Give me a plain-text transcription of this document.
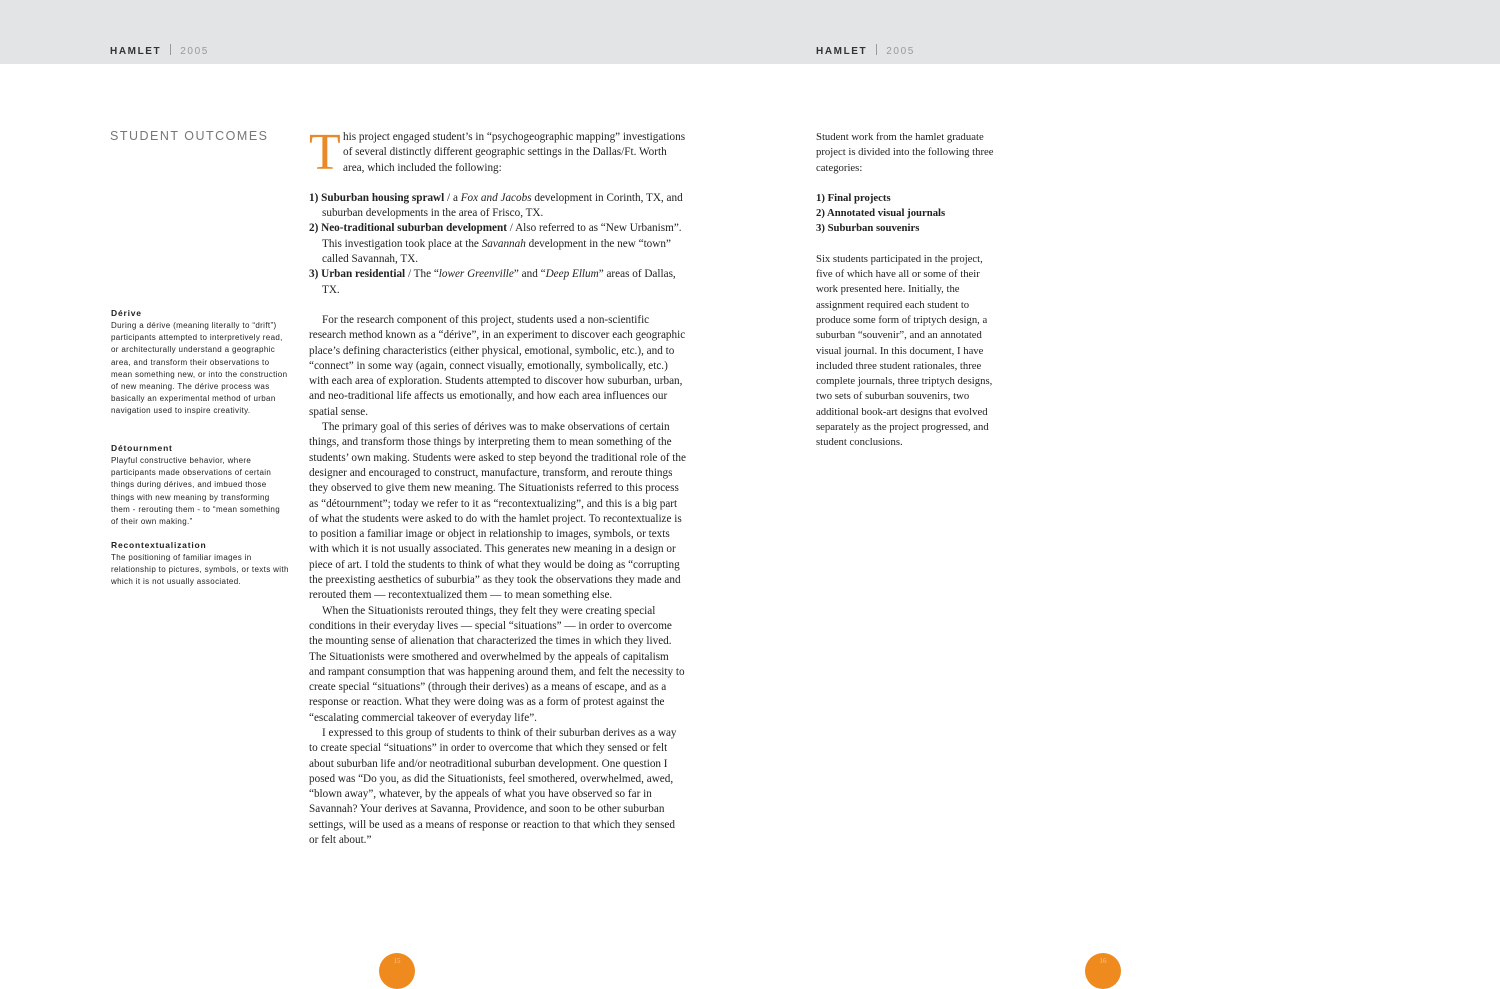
HAMLET 2005	HAMLET 2005
STUDENT OUTCOMES
Dérive

During a dérive (meaning literally to “drift”) participants attempted to interpretively read, or architecturally understand a geographic area, and transform their observations to mean something new, or into the construction of new meaning. The dérive process was basically an experimental method of urban navigation used to inspire creativity.

Détournment

Playful constructive behavior, where participants made observations of certain things during dérives, and imbued those things with new meaning by transforming them - rerouting them - to “mean something of their own making.”

Recontextualization

The positioning of familiar images in relationship to pictures, symbols, or texts with which it is not usually associated.

T his project engaged student’s in “psychogeographic mapping” investigations of several distinctly different geographic settings in the Dallas/Ft. Worth area, which included the following:

1) Suburban housing sprawl / a Fox and Jacobs development in Corinth, TX, and suburban developments in the area of Frisco, TX.
2) Neo-traditional suburban development / Also referred to as “New Urbanism”. This investigation took place at the Savannah development in the new “town” called Savannah, TX.
3) Urban residential / The “lower Greenville” and “Deep Ellum” areas of Dallas, TX.

For the research component of this project, students used a non-scientific research method known as a “dérive”, in an experiment to discover each geographic place’s defining characteristics (either physical, emotional, symbolic, etc.), and to “connect” in some way (again, connect visually, emotionally, symbolically, etc.) with each area of exploration. Students attempted to discover how suburban, urban, and neo-traditional life affects us emotionally, and how each area influences our spatial sense.

The primary goal of this series of dérives was to make observations of certain things, and transform those things by interpreting them to mean something of the students’ own making. Students were asked to step beyond the traditional role of the designer and encouraged to construct, manufacture, transform, and reroute things they observed to give them new meaning. The Situationists referred to this process as “détournment”; today we refer to it as “recontextualizing”, and this is a big part of what the students were asked to do with the hamlet project. To recontextualize is to position a familiar image or object in relationship to images, symbols, or texts with which it is not usually associated. This generates new meaning in a design or piece of art. I told the students to think of what they would be doing as “corrupting the preexisting aesthetics of suburbia” as they took the observations they made and rerouted them — recontextualized them — to mean something else.

When the Situationists rerouted things, they felt they were creating special conditions in their everyday lives — special “situations” — in order to overcome the mounting sense of alienation that characterized the times in which they lived. The Situationists were smothered and overwhelmed by the appeals of capitalism and rampant consumption that was happening around them, and felt the necessity to create special “situations” (through their derives) as a means of escape, and as a response or reaction. What they were doing was as a form of protest against the “escalating commercial takeover of everyday life”.

I expressed to this group of students to think of their suburban derives as a way to create special “situations” in order to overcome that which they sensed or felt about suburban life and/or neotraditional suburban development. One question I posed was “Do you, as did the Situationists, feel smothered, overwhelmed, awed, “blown away”, whatever, by the appeals of what you have observed so far in Savannah? Your derives at Savanna, Providence, and soon to be other suburban settings, will be used as a means of response or reaction to that which they sensed or felt about.”

Student work from the hamlet graduate project is divided into the following three categories:

1) Final projects
2) Annotated visual journals
3) Suburban souvenirs

Six students participated in the project, five of which have all or some of their work presented here. Initially, the assignment required each student to produce some form of triptych design, a suburban “souvenir”, and an annotated visual journal. In this document, I have included three student rationales, three complete journals, three triptych designs, two sets of suburban souvenirs, two additional book-art designs that evolved separately as the project progressed, and student conclusions.

15	16
